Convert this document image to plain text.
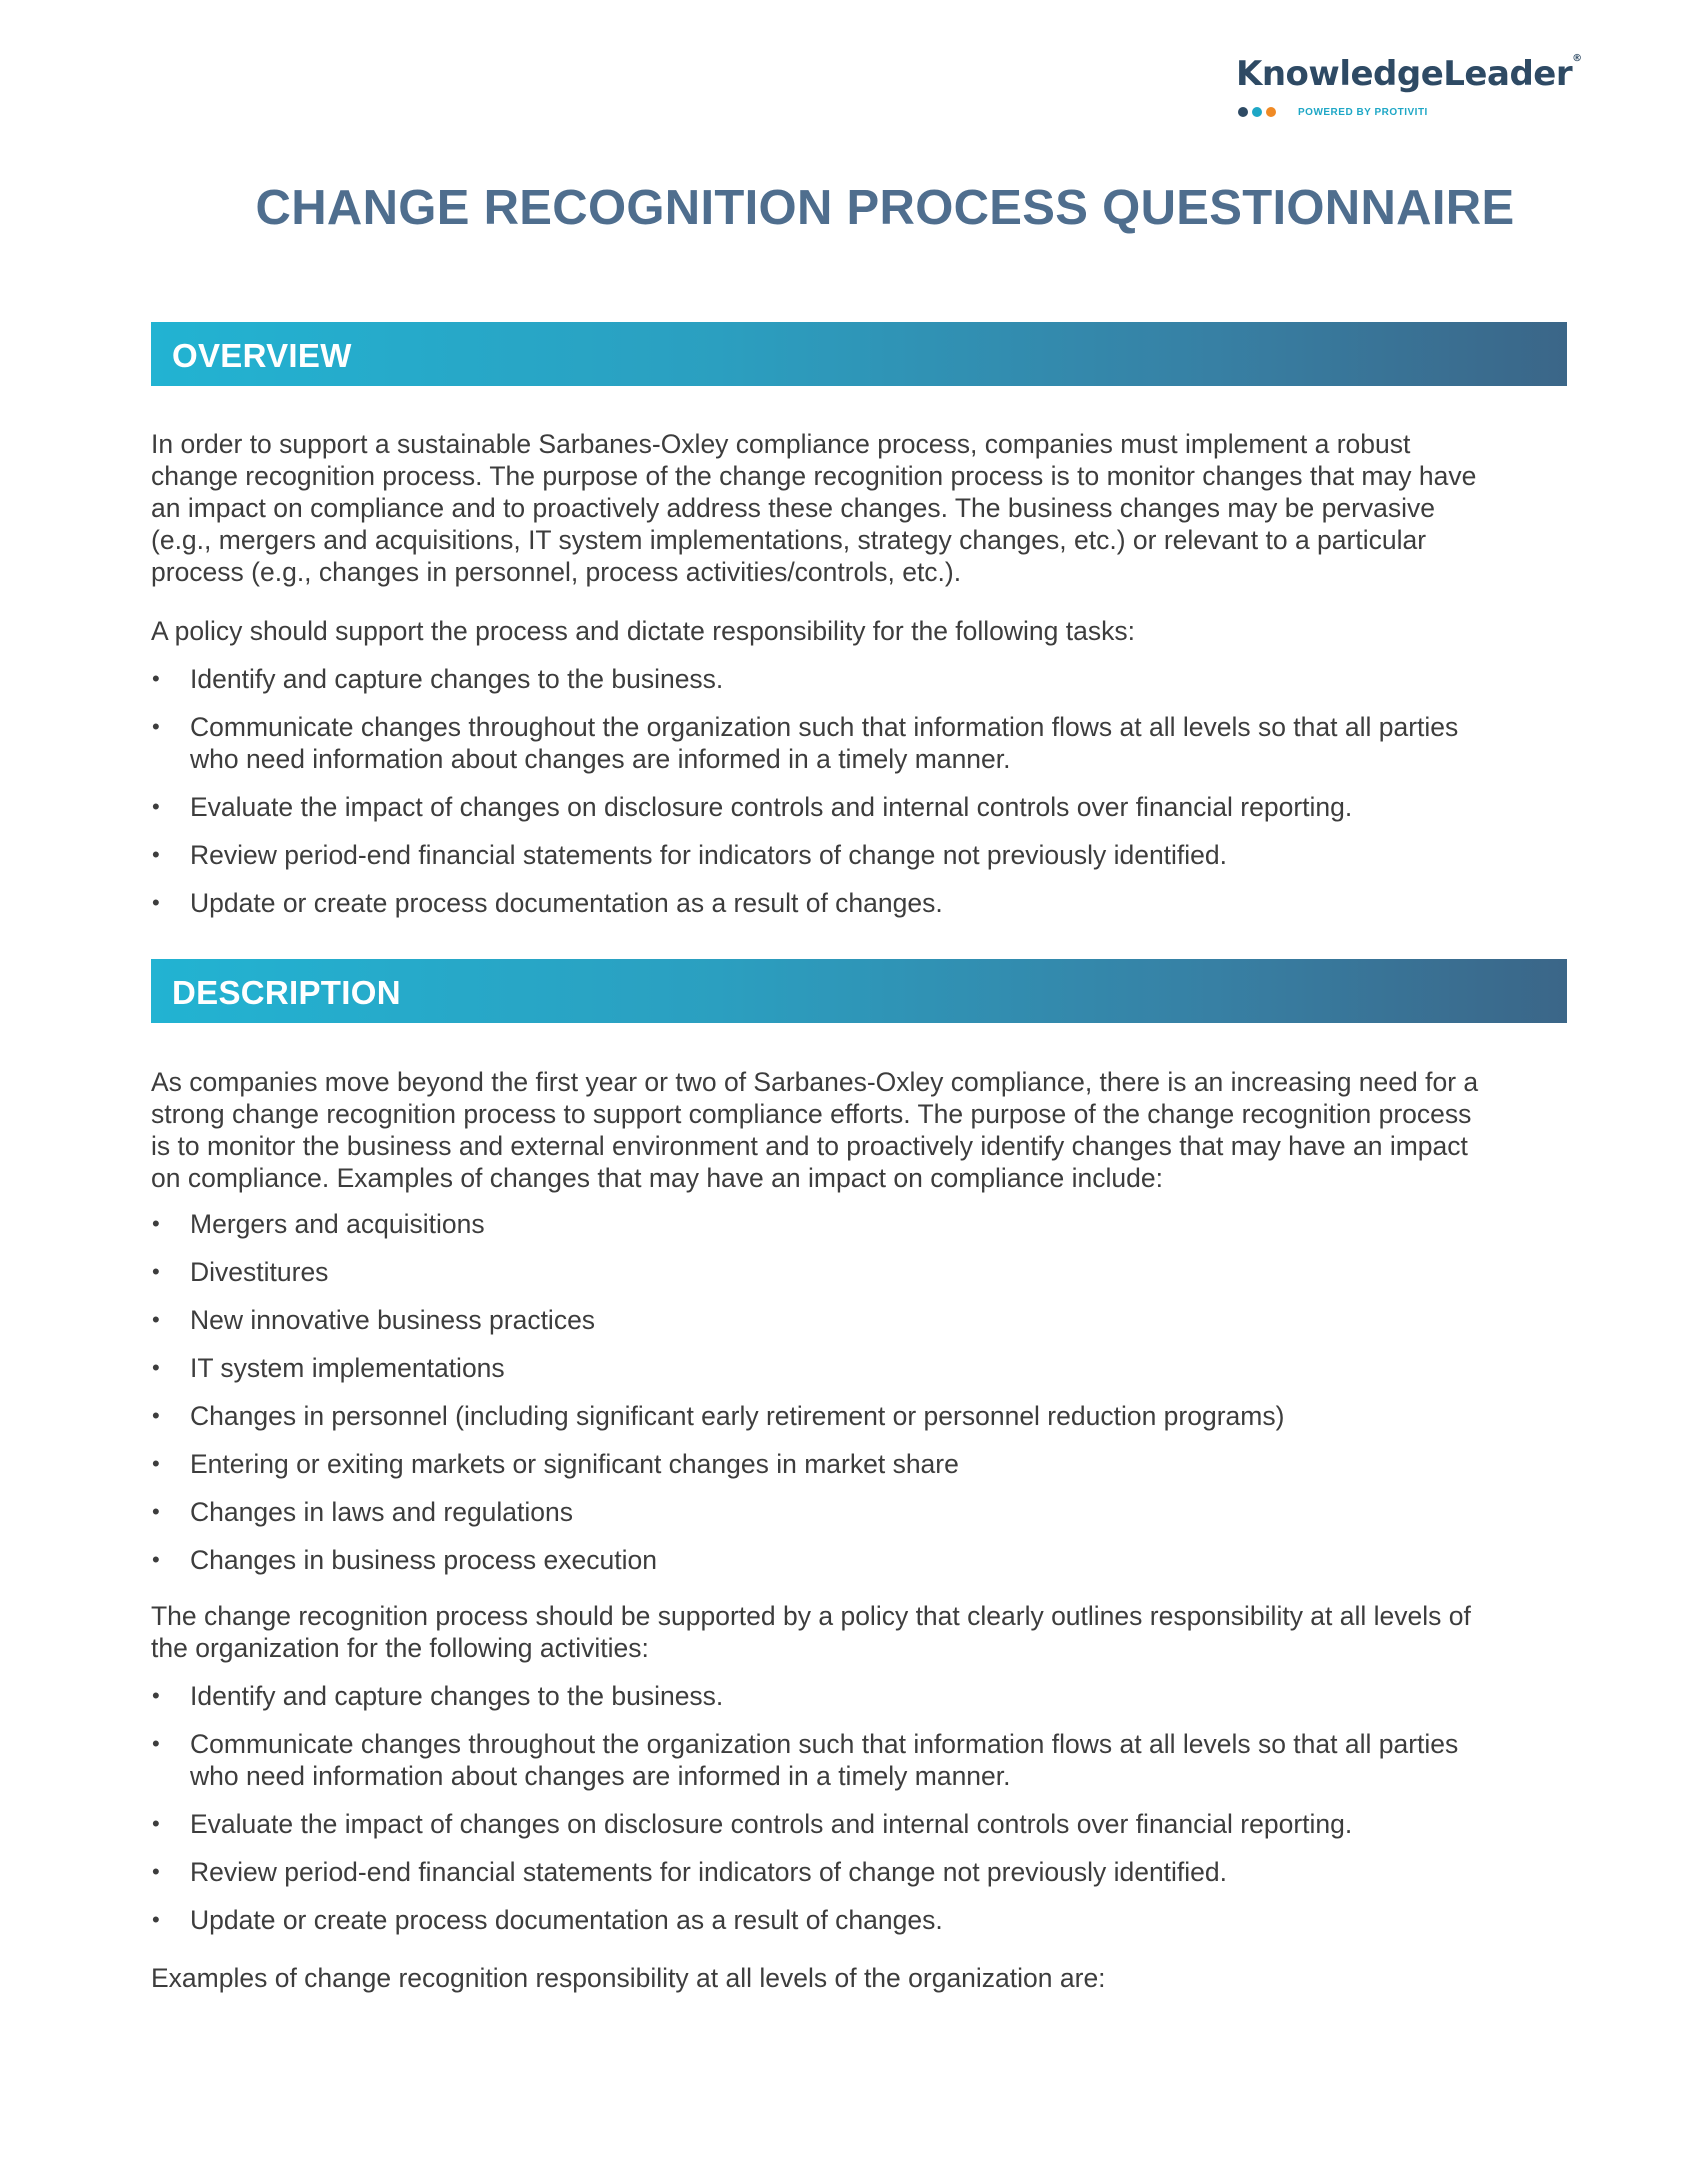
KnowledgeLeader®
POWERED BY PROTIVITI
CHANGE RECOGNITION PROCESS QUESTIONNAIRE
OVERVIEW

In order to support a sustainable Sarbanes-Oxley compliance process, companies must implement a robust
change recognition process. The purpose of the change recognition process is to monitor changes that may have
an impact on compliance and to proactively address these changes. The business changes may be pervasive
(e.g., mergers and acquisitions, IT system implementations, strategy changes, etc.) or relevant to a particular
process (e.g., changes in personnel, process activities/controls, etc.).

A policy should support the process and dictate responsibility for the following tasks:

• Identify and capture changes to the business.
• Communicate changes throughout the organization such that information flows at all levels so that all parties
who need information about changes are informed in a timely manner.
• Evaluate the impact of changes on disclosure controls and internal controls over financial reporting.
• Review period-end financial statements for indicators of change not previously identified.
• Update or create process documentation as a result of changes.
DESCRIPTION

As companies move beyond the first year or two of Sarbanes-Oxley compliance, there is an increasing need for a
strong change recognition process to support compliance efforts. The purpose of the change recognition process
is to monitor the business and external environment and to proactively identify changes that may have an impact
on compliance. Examples of changes that may have an impact on compliance include:

• Mergers and acquisitions
• Divestitures
• New innovative business practices
• IT system implementations
• Changes in personnel (including significant early retirement or personnel reduction programs)
• Entering or exiting markets or significant changes in market share
• Changes in laws and regulations
• Changes in business process execution

The change recognition process should be supported by a policy that clearly outlines responsibility at all levels of
the organization for the following activities:

• Identify and capture changes to the business.
• Communicate changes throughout the organization such that information flows at all levels so that all parties
who need information about changes are informed in a timely manner.
• Evaluate the impact of changes on disclosure controls and internal controls over financial reporting.
• Review period-end financial statements for indicators of change not previously identified.
• Update or create process documentation as a result of changes.

Examples of change recognition responsibility at all levels of the organization are:
